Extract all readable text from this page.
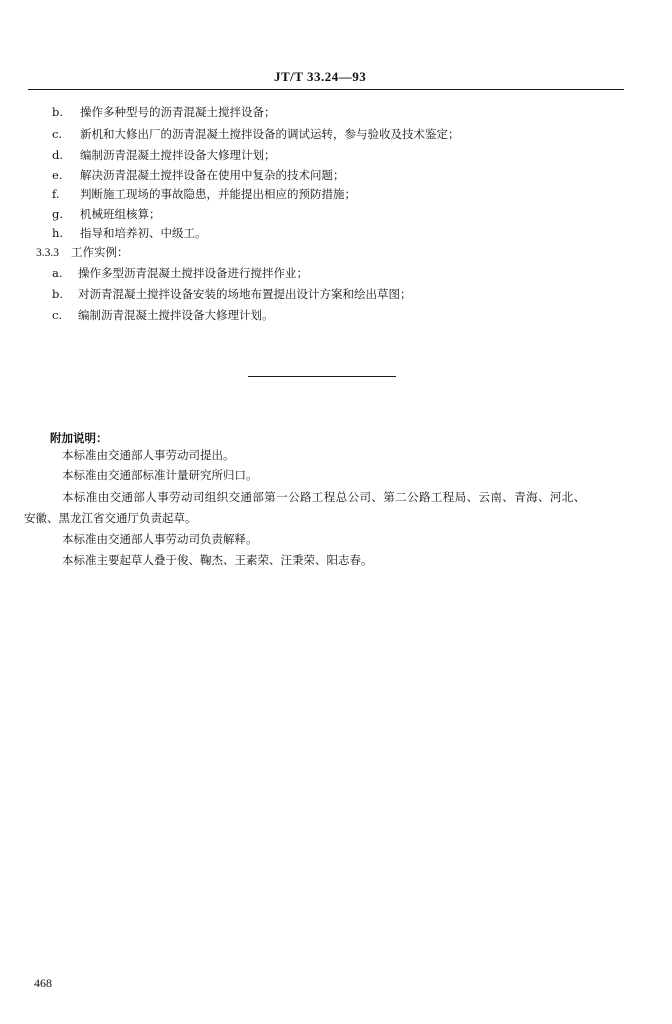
JT/T 33.24—93
b. 操作多种型号的沥青混凝土搅拌设备；
c. 新机和大修出厂的沥青混凝土搅拌设备的调试运转，参与验收及技术鉴定；
d. 编制沥青混凝土搅拌设备大修理计划；
e. 解决沥青混凝土搅拌设备在使用中复杂的技术问题；
f. 判断施工现场的事故隐患，并能提出相应的预防措施；
g. 机械班组核算；
h. 指导和培养初、中级工。
3.3.3 工作实例：
a. 操作多型沥青混凝土搅拌设备进行搅拌作业；
b. 对沥青混凝土搅拌设备安装的场地布置提出设计方案和绘出草图；
c. 编制沥青混凝土搅拌设备大修理计划。
附加说明：
本标准由交通部人事劳动司提出。
本标准由交通部标准计量研究所归口。
本标准由交通部人事劳动司组织交通部第一公路工程总公司、第二公路工程局、云南、青海、河北、
安徽、黑龙江省交通厅负责起草。
本标准由交通部人事劳动司负责解释。
本标准主要起草人叠于俊、鞠杰、王素荣、汪秉荣、阳志春。
468
